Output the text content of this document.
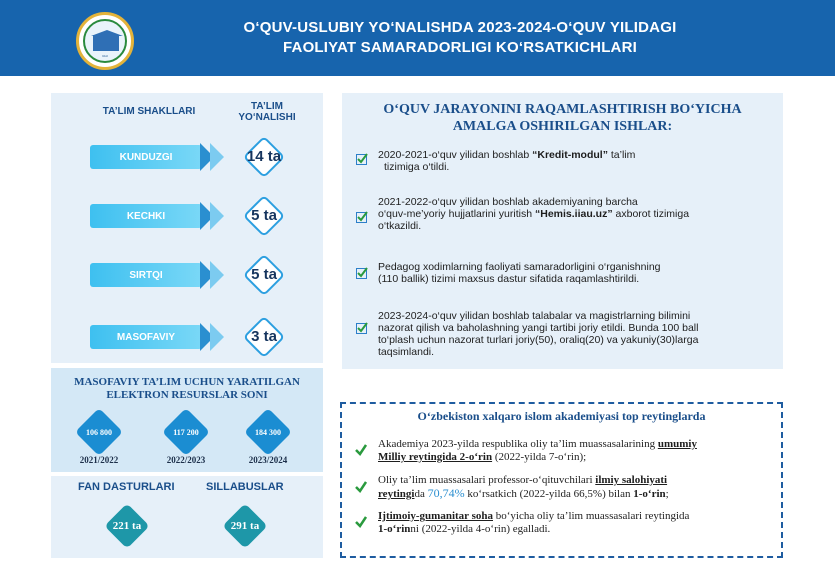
IIAU
O‘QUV-USLUBIY YO‘NALISHDA 2023-2024-O‘QUV YILIDAGI
FAOLIYAT SAMARADORLIGI KO‘RSATKICHLARI
TA’LIM SHAKLLARI	TA’LIM
YO‘NALISHI
KUNDUZGI	14 ta
KECHKI	5 ta
SIRTQI	5 ta
MASOFAVIY	3 ta
MASOFAVIY TA’LIM UCHUN YARATILGAN
ELEKTRON RESURSLAR SONI
106 800
2021/2022
117 200
2022/2023
184 300
2023/2024
FAN DASTURLARI	SILLABUSLAR
221 ta	291 ta
O‘QUV JARAYONINI RAQAMLASHTIRISH BO‘YICHA
AMALGA OSHIRILGAN ISHLAR:
2020-2021-o‘quv yilidan boshlab “Kredit-modul” ta’lim
tizimiga o‘tildi.
2021-2022-o‘quv yilidan boshlab akademiyaning barcha
o‘quv-me’yoriy hujjatlarini yuritish “Hemis.iiau.uz” axborot tizimiga
o‘tkazildi.
Pedagog xodimlarning faoliyati samaradorligini o‘rganishning
(110 ballik) tizimi maxsus dastur sifatida raqamlashtirildi.
2023-2024-o‘quv yilidan boshlab talabalar va magistrlarning bilimini
nazorat qilish va baholashning yangi tartibi joriy etildi. Bunda 100 ball
to‘plash uchun nazorat turlari joriy(50), oraliq(20) va yakuniy(30)larga
taqsimlandi.
O‘zbekiston xalqaro islom akademiyasi top reytinglarda
Akademiya 2023-yilda respublika oliy ta’lim muassasalarining umumiy
Milliy reytingida 2-o‘rin (2022-yilda 7-o‘rin);
Oliy ta’lim muassasalari professor-o‘qituvchilari ilmiy salohiyati
reytingida 70,74% ko‘rsatkich (2022-yilda 66,5%) bilan 1-o‘rin;
Ijtimoiy-gumanitar soha bo‘yicha oliy ta’lim muassasalari reytingida
1-o‘rinni (2022-yilda 4-o‘rin) egalladi.
